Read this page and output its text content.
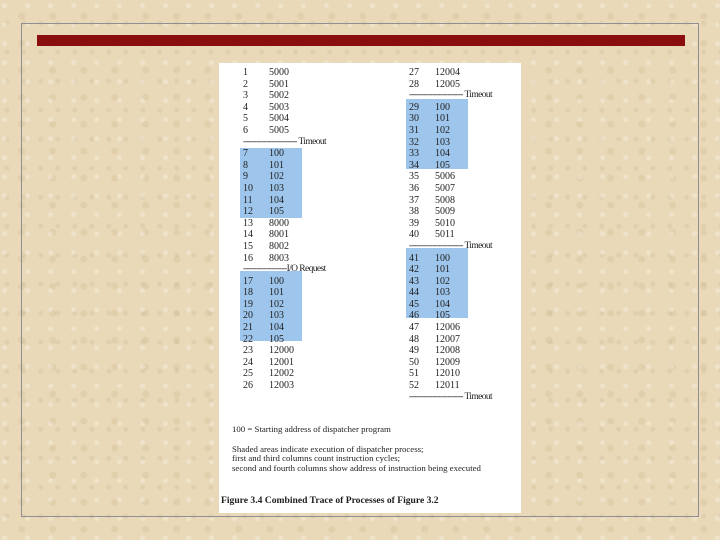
1 5000
2 5001
3 5002
4 5003
5 5004
6 5005
--------------------- Timeout
7 100
8 101
9 102
10 103
11 104
12 105
13 8000
14 8001
15 8002
16 8003
-----------------I/O Request
17 100
18 101
19 102
20 103
21 104
22 105
23 12000
24 12001
25 12002
26 12003
27 12004
28 12005
--------------------- Timeout
29 100
30 101
31 102
32 103
33 104
34 105
35 5006
36 5007
37 5008
38 5009
39 5010
40 5011
--------------------- Timeout
41 100
42 101
43 102
44 103
45 104
46 105
47 12006
48 12007
49 12008
50 12009
51 12010
52 12011
--------------------- Timeout

100 = Starting address of dispatcher program

Shaded areas indicate execution of dispatcher process;

first and third columns count instruction cycles;

second and fourth columns show address of instruction being executed

Figure 3.4 Combined Trace of Processes of Figure 3.2
